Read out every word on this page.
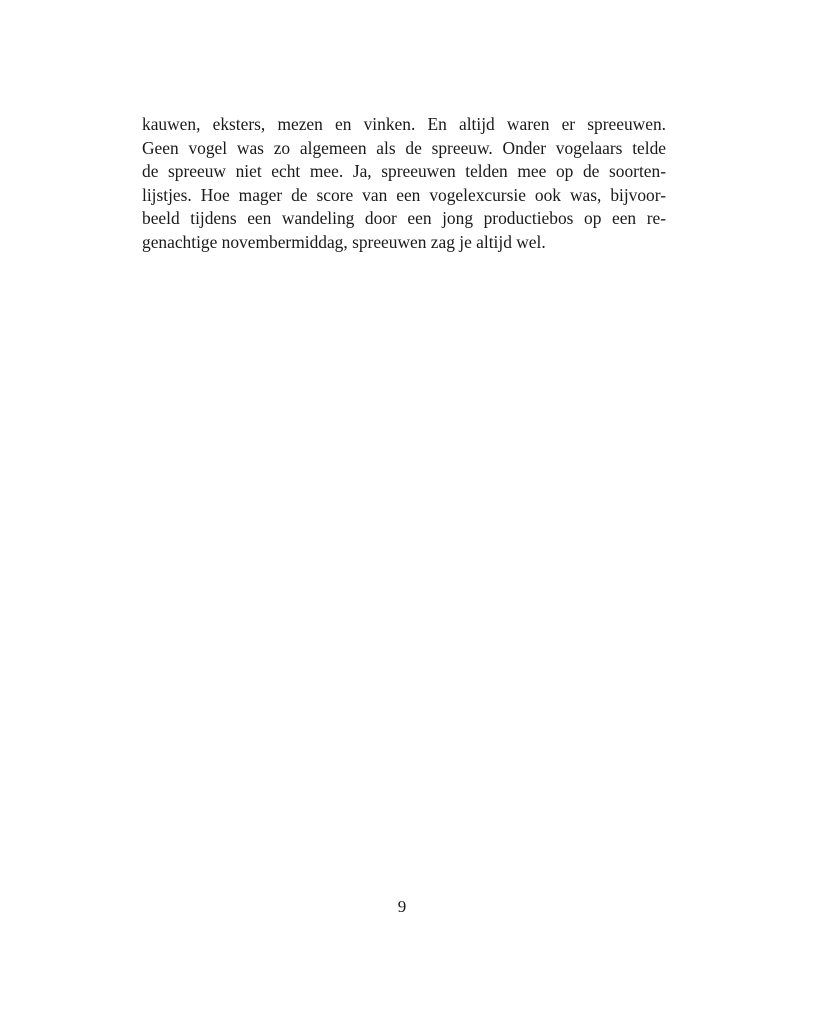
kauwen, eksters, mezen en vinken. En altijd waren er spreeuwen.
Geen vogel was zo algemeen als de spreeuw. Onder vogelaars telde
de spreeuw niet echt mee. Ja, spreeuwen telden mee op de soorten-
lijstjes. Hoe mager de score van een vogelexcursie ook was, bijvoor-
beeld tijdens een wandeling door een jong productiebos op een re-
genachtige novembermiddag, spreeuwen zag je altijd wel.
9
